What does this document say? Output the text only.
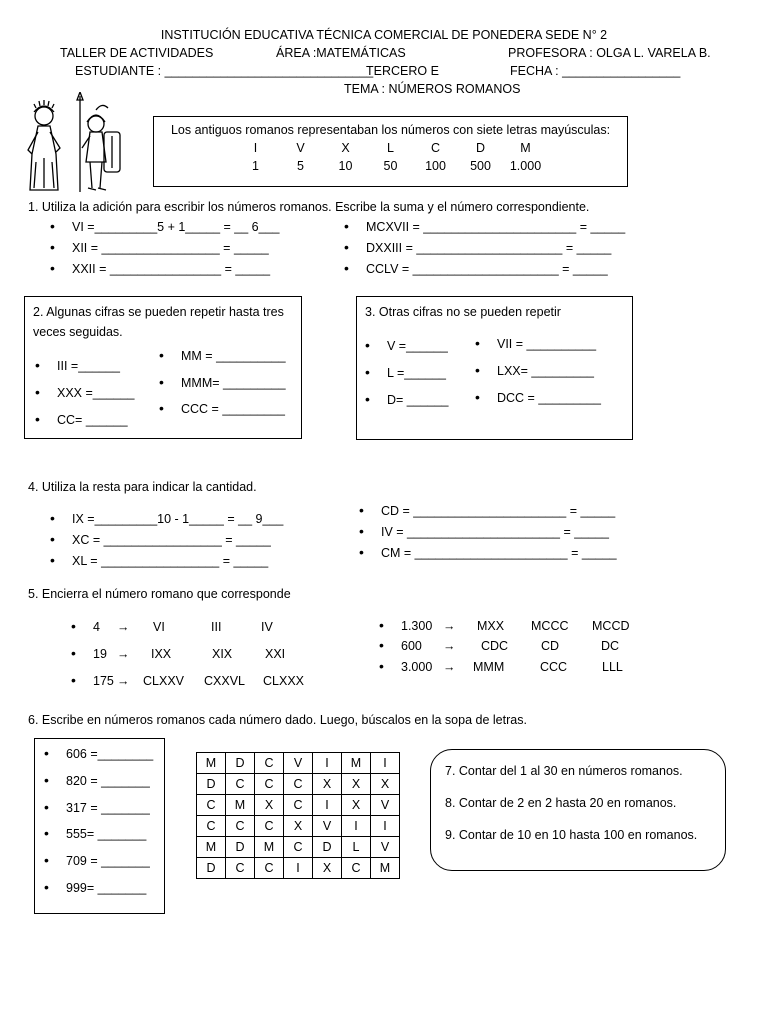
INSTITUCIÓN EDUCATIVA TÉCNICA COMERCIAL DE PONEDERA SEDE N° 2
TALLER DE ACTIVIDADES	ÁREA :MATEMÁTICAS	PROFESORA : OLGA L. VARELA B.
ESTUDIANTE : ______________________________
TERCERO E	FECHA : _________________
TEMA : NÚMEROS ROMANOS
Los antiguos romanos representaban los números con siete letras mayúsculas:
I	V	X	L	C	D	M
1	5	10	50	100	500	1.000
1. Utiliza la adición para escribir los números romanos. Escribe la suma y el número correspondiente.
• VI =_________5 + 1_____ = __ 6___
• XII = _________________ = _____
• XXII = ________________ = _____
• MCXVII = ______________________ = _____
• DXXIII = _____________________ = _____
• CCLV = _____________________ = _____
2. Algunas cifras se pueden repetir hasta tres
veces seguidas.
• III =______
• XXX =______
• CC= ______
• MM = __________
• MMM= _________
• CCC = _________
3. Otras cifras no se pueden repetir
• V =______
• L =______
• D= ______
• VII = __________
• LXX= _________
• DCC = _________
4. Utiliza la resta para indicar la cantidad.
• IX =_________10 - 1_____ = __ 9___
• XC = _________________ = _____
• XL = _________________ = _____
• CD = ______________________ = _____
• IV = ______________________ = _____
• CM = ______________________ = _____
5. Encierra el número romano que corresponde
4 → VI	III	IV
19 → IXX	XIX	XXI
175 → CLXXV CXXVL CLXXX
1.300 → MXX MCCC MCCD
600 → CDC	CD	DC
3.000 → MMM	CCC	LLL
6. Escribe en números romanos cada número dado. Luego, búscalos en la sopa de letras.
• 606 =________
• 820 = _______
• 317 = _______
• 555= _______
• 709 = _______
• 999= _______
M	D	C	V	I	M	I
D	C	C	C	X	X	X
C	M	X	C	I	X	V
C	C	C	X	V	I	I
M	D	M	C	D	L	V
D	C	C	I	X	C	M
7. Contar del 1 al 30 en números romanos.
8. Contar de 2 en 2 hasta 20 en romanos.
9. Contar de 10 en 10 hasta 100 en romanos.
